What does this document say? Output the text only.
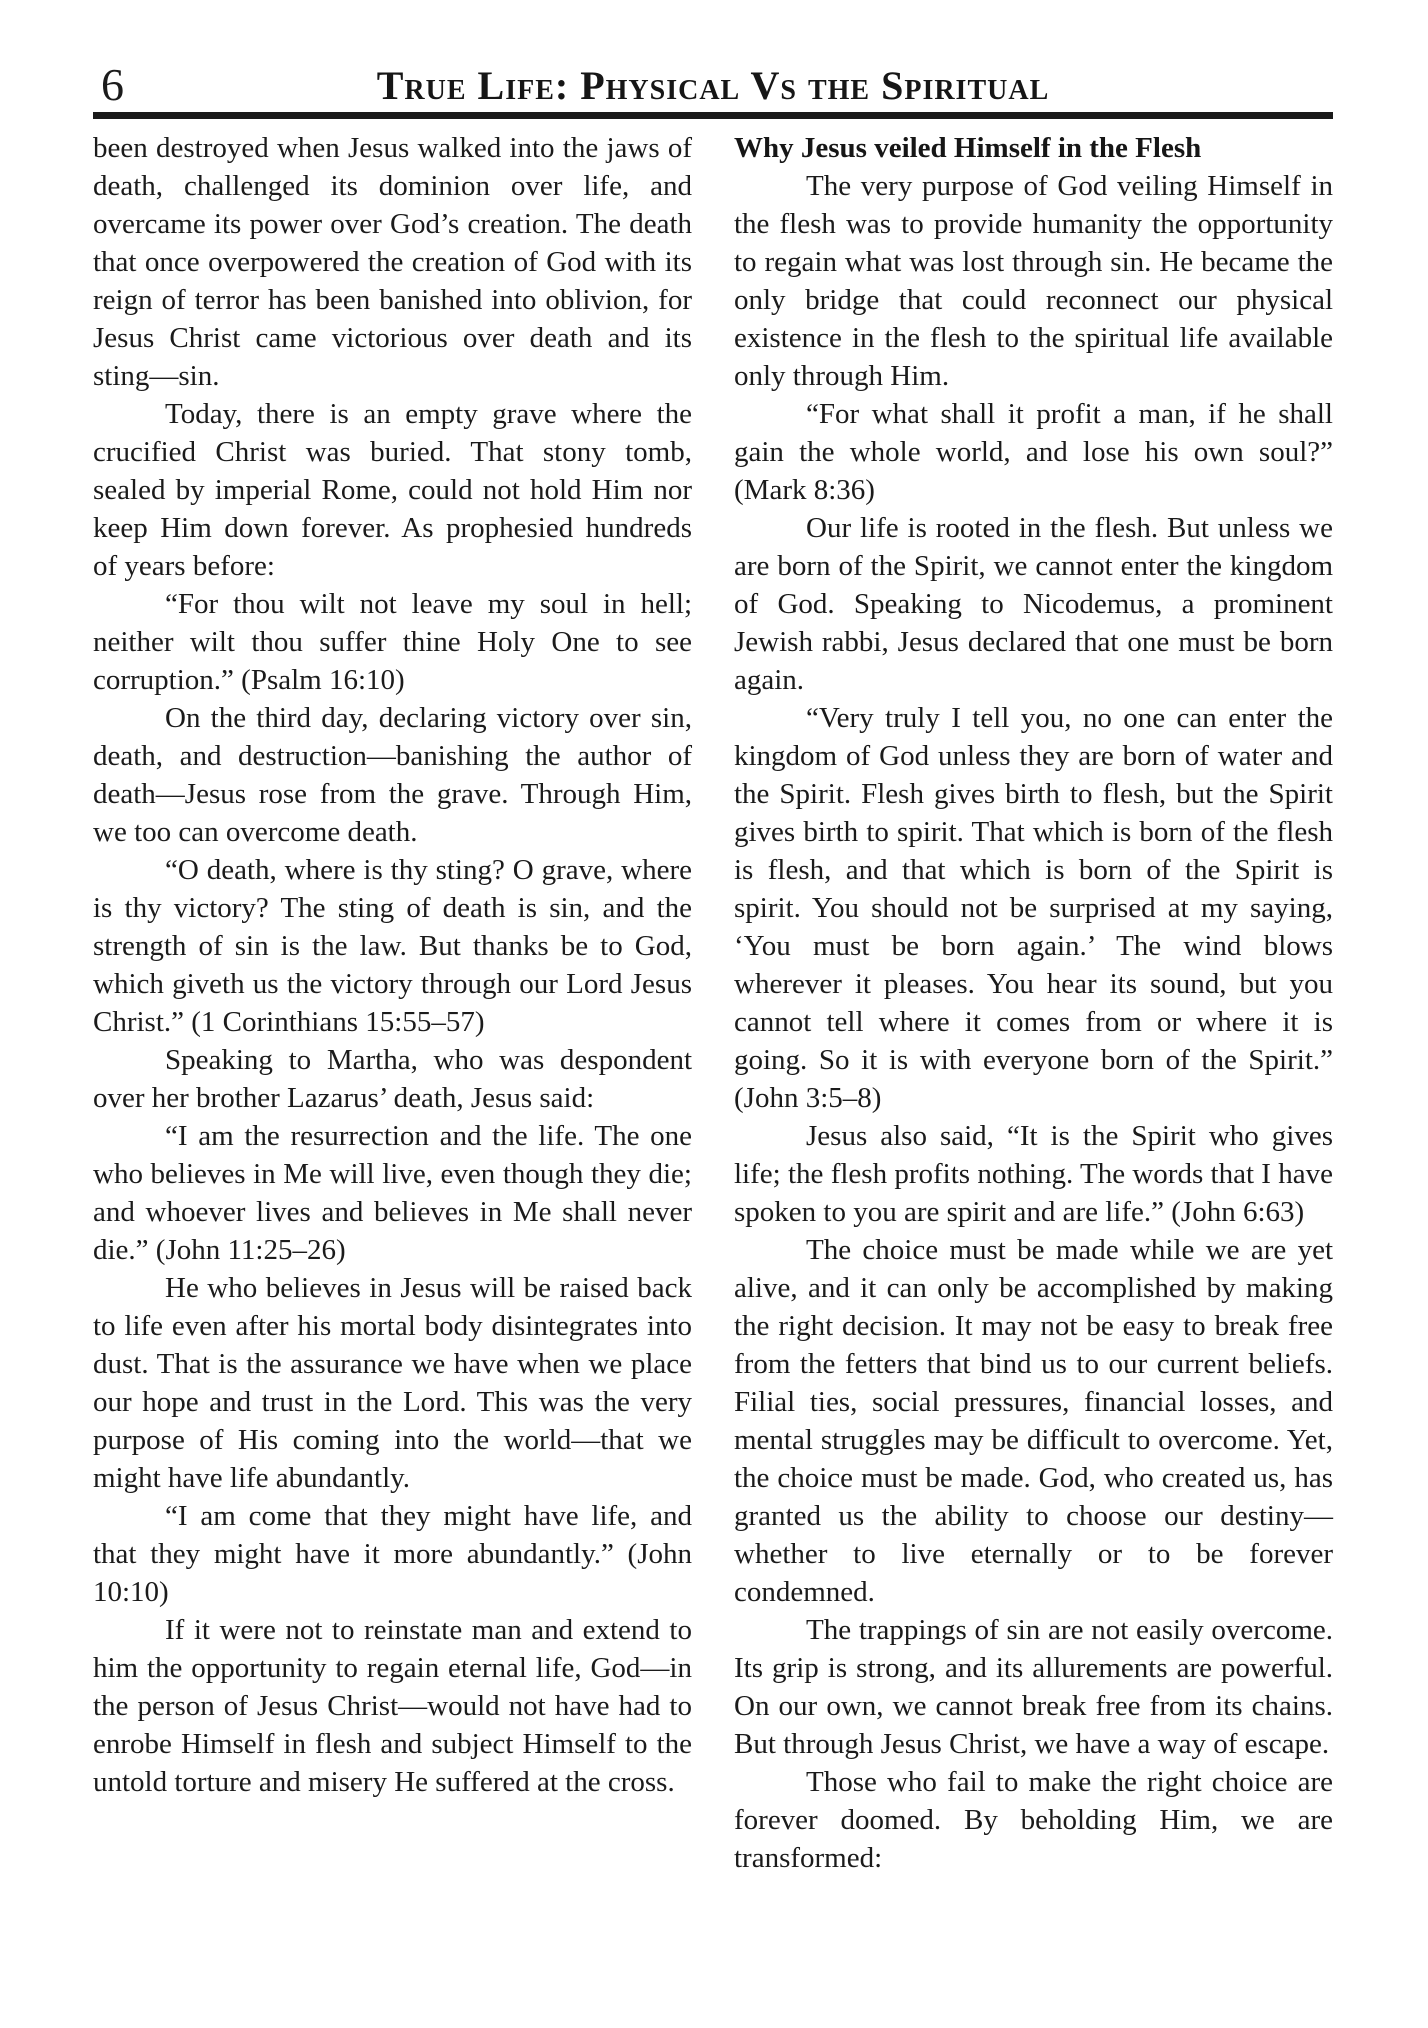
6	True Life: Physical Vs the Spiritual

been destroyed when Jesus walked into the jaws of death, challenged its dominion over life, and overcame its power over God’s creation. The death that once overpowered the creation of God with its reign of terror has been banished into oblivion, for Jesus Christ came victorious over death and its sting—sin.

Today, there is an empty grave where the crucified Christ was buried. That stony tomb, sealed by imperial Rome, could not hold Him nor keep Him down forever. As prophesied hundreds of years before:

“For thou wilt not leave my soul in hell; neither wilt thou suffer thine Holy One to see corruption.” (Psalm 16:10)

On the third day, declaring victory over sin, death, and destruction—banishing the author of death—Jesus rose from the grave. Through Him, we too can overcome death.

“O death, where is thy sting? O grave, where is thy victory? The sting of death is sin, and the strength of sin is the law. But thanks be to God, which giveth us the victory through our Lord Jesus Christ.” (1 Corinthians 15:55–57)

Speaking to Martha, who was despondent over her brother Lazarus’ death, Jesus said:

“I am the resurrection and the life. The one who believes in Me will live, even though they die; and whoever lives and believes in Me shall never die.” (John 11:25–26)

He who believes in Jesus will be raised back to life even after his mortal body disintegrates into dust. That is the assurance we have when we place our hope and trust in the Lord. This was the very purpose of His coming into the world—that we might have life abundantly.

“I am come that they might have life, and that they might have it more abundantly.” (John 10:10)

If it were not to reinstate man and extend to him the opportunity to regain eternal life, God—in the person of Jesus Christ—would not have had to enrobe Himself in flesh and subject Himself to the untold torture and misery He suffered at the cross.

Why Jesus veiled Himself in the Flesh

The very purpose of God veiling Himself in the flesh was to provide humanity the opportunity to regain what was lost through sin. He became the only bridge that could reconnect our physical existence in the flesh to the spiritual life available only through Him.

“For what shall it profit a man, if he shall gain the whole world, and lose his own soul?” (Mark 8:36)

Our life is rooted in the flesh. But unless we are born of the Spirit, we cannot enter the kingdom of God. Speaking to Nicodemus, a prominent Jewish rabbi, Jesus declared that one must be born again.

“Very truly I tell you, no one can enter the kingdom of God unless they are born of water and the Spirit. Flesh gives birth to flesh, but the Spirit gives birth to spirit. That which is born of the flesh is flesh, and that which is born of the Spirit is spirit. You should not be surprised at my saying, ‘You must be born again.’ The wind blows wherever it pleases. You hear its sound, but you cannot tell where it comes from or where it is going. So it is with everyone born of the Spirit.” (John 3:5–8)

Jesus also said, “It is the Spirit who gives life; the flesh profits nothing. The words that I have spoken to you are spirit and are life.” (John 6:63)

The choice must be made while we are yet alive, and it can only be accomplished by making the right decision. It may not be easy to break free from the fetters that bind us to our current beliefs. Filial ties, social pressures, financial losses, and mental struggles may be difficult to overcome. Yet, the choice must be made. God, who created us, has granted us the ability to choose our destiny—whether to live eternally or to be forever condemned.

The trappings of sin are not easily overcome. Its grip is strong, and its allurements are powerful. On our own, we cannot break free from its chains. But through Jesus Christ, we have a way of escape.

Those who fail to make the right choice are forever doomed. By beholding Him, we are transformed:
